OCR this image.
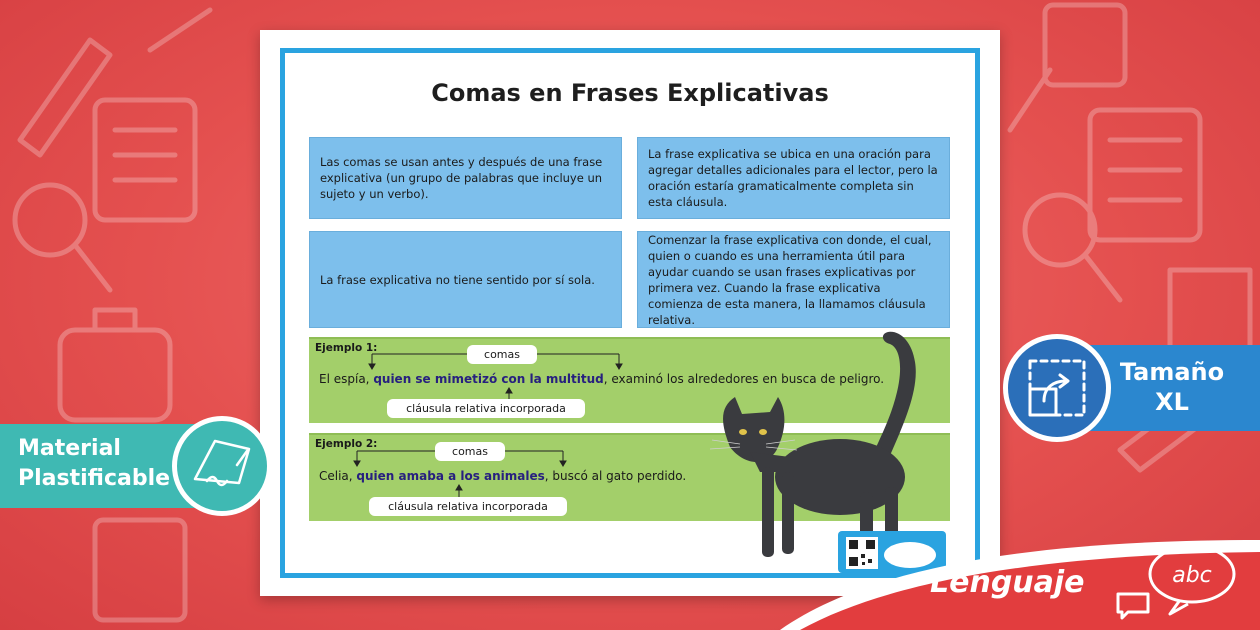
Comas en Frases Explicativas
Las comas se usan antes y después de una frase explicativa (un grupo de palabras que incluye un sujeto y un verbo).
La frase explicativa se ubica en una oración para agregar detalles adicionales para el lector, pero la oración estaría gramaticalmente completa sin esta cláusula.
La frase explicativa no tiene sentido por sí sola.
Comenzar la frase explicativa con donde, el cual, quien o cuando es una herramienta útil para ayudar cuando se usan frases explicativas por primera vez. Cuando la frase explicativa comienza de esta manera, la llamamos cláusula relativa.
Ejemplo 1:	comas
El espía, quien se mimetizó con la multitud, examinó los alrededores en busca de peligro.
cláusula relativa incorporada
Ejemplo 2:
comas
Celia, quien amaba a los animales, buscó al gato perdido.
cláusula relativa incorporada
Material
Plastificable
Tamaño
XL
Lenguaje	abc
